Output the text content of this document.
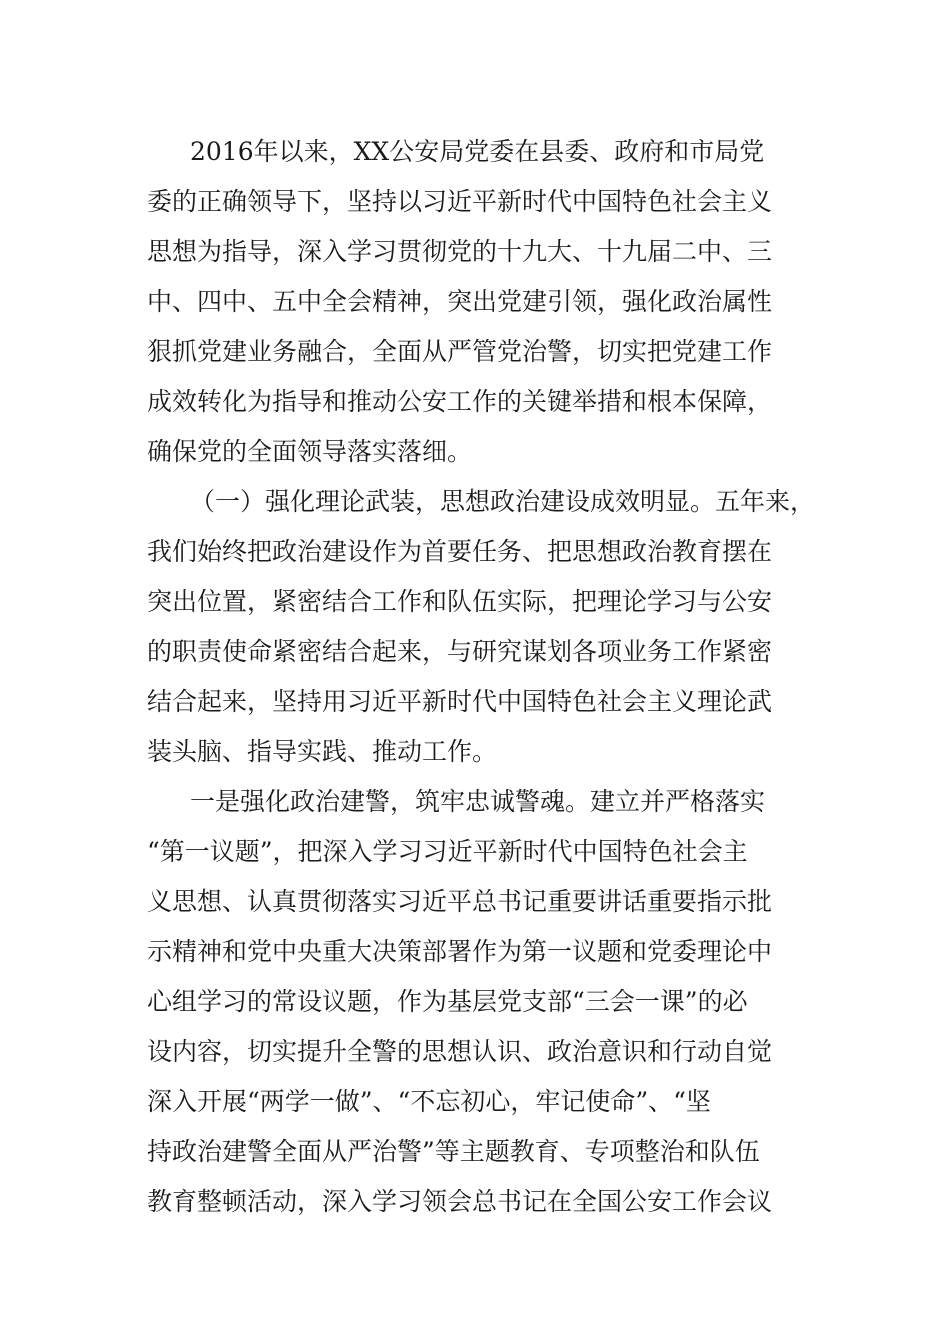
2016年以来，XX公安局党委在县委、政府和市局党
委的正确领导下，坚持以习近平新时代中国特色社会主义
思想为指导，深入学习贯彻党的十九大、十九届二中、三
中、四中、五中全会精神，突出党建引领，强化政治属性
狠抓党建业务融合，全面从严管党治警，切实把党建工作
成效转化为指导和推动公安工作的关键举措和根本保障，
确保党的全面领导落实落细。
（一）强化理论武装，思想政治建设成效明显。五年来，
我们始终把政治建设作为首要任务、把思想政治教育摆在
突出位置，紧密结合工作和队伍实际，把理论学习与公安
的职责使命紧密结合起来，与研究谋划各项业务工作紧密
结合起来，坚持用习近平新时代中国特色社会主义理论武
装头脑、指导实践、推动工作。
一是强化政治建警，筑牢忠诚警魂。建立并严格落实
“第一议题”，把深入学习习近平新时代中国特色社会主
义思想、认真贯彻落实习近平总书记重要讲话重要指示批
示精神和党中央重大决策部署作为第一议题和党委理论中
心组学习的常设议题，作为基层党支部“三会一课”的必
设内容，切实提升全警的思想认识、政治意识和行动自觉
深入开展“两学一做”、“不忘初心，牢记使命”、“坚
持政治建警全面从严治警”等主题教育、专项整治和队伍
教育整顿活动，深入学习领会总书记在全国公安工作会议
